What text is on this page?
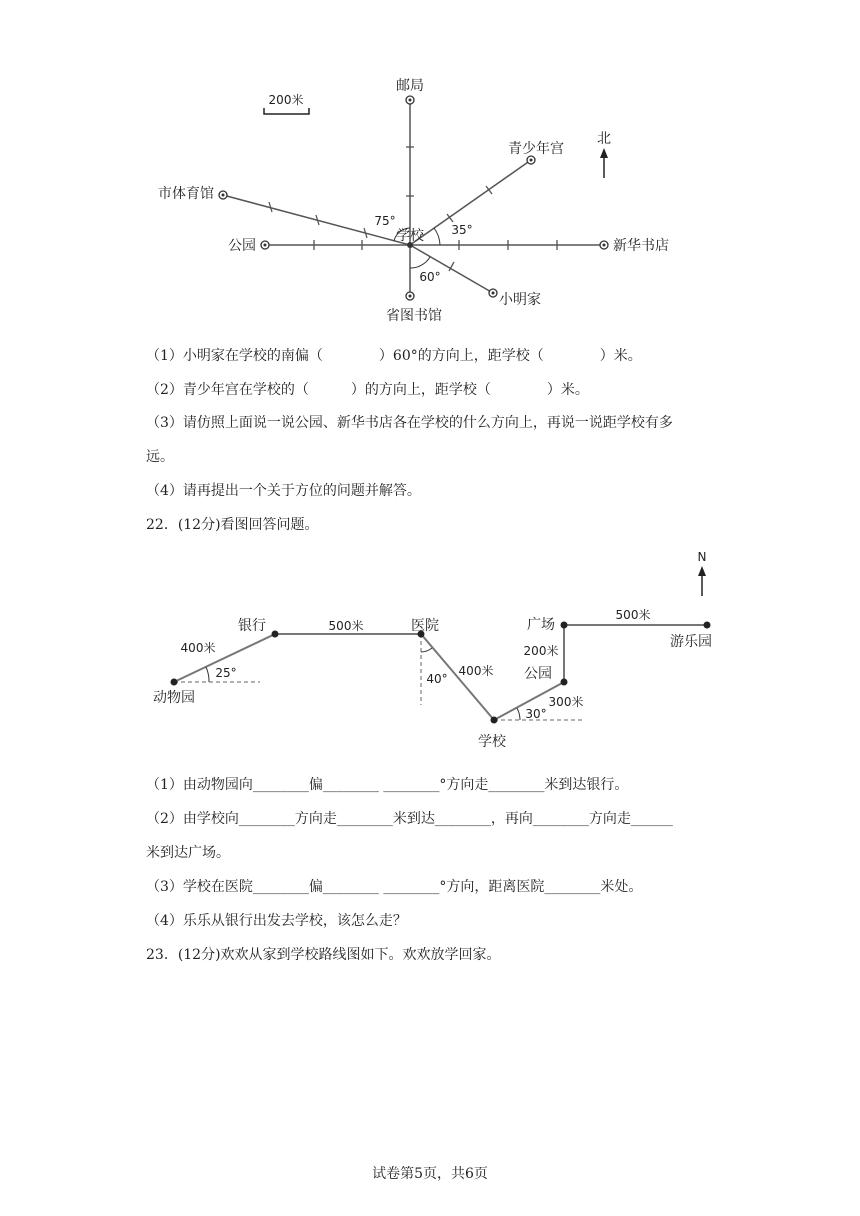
200米
北
邮局
青少年宫
市体育馆
公园
学校
新华书店
省图书馆
小明家
75°
35°
60°
（1）小明家在学校的南偏（　　　　）60°的方向上，距学校（　　　　）米。
（2）青少年宫在学校的（　　　）的方向上，距学校（　　　　）米。
（3）请仿照上面说一说公园、新华书店各在学校的什么方向上，再说一说距学校有多
远。
（4）请再提出一个关于方位的问题并解答。
22．(12分)看图回答问题。
N
动物园
银行	医院
学校
公园
广场
游乐园
400米
500米
400米
300米
200米
500米
25°	40°
30°
（1）由动物园向________偏________ ________°方向走________米到达银行。
（2）由学校向________方向走________米到达________，再向________方向走______
米到达广场。
（3）学校在医院________偏________ ________°方向，距离医院________米处。
（4）乐乐从银行出发去学校，该怎么走？
23．(12分)欢欢从家到学校路线图如下。欢欢放学回家。
试卷第5页，共6页
